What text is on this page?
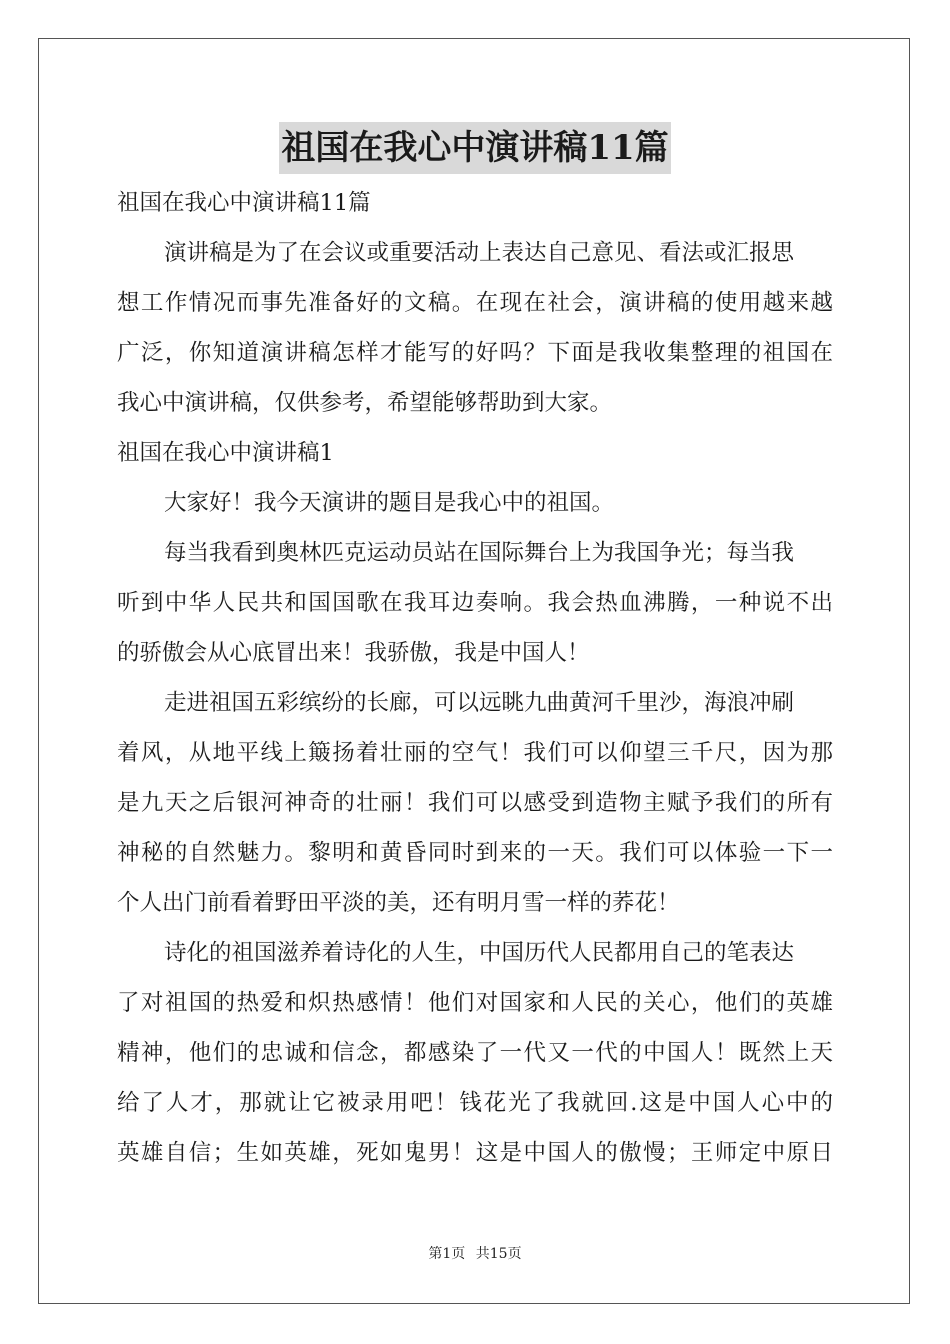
祖国在我心中演讲稿11篇
祖国在我心中演讲稿11篇
演讲稿是为了在会议或重要活动上表达自己意见、看法或汇报思
想工作情况而事先准备好的文稿。在现在社会，演讲稿的使用越来越
广泛，你知道演讲稿怎样才能写的好吗？下面是我收集整理的祖国在
我心中演讲稿，仅供参考，希望能够帮助到大家。
祖国在我心中演讲稿1
大家好！我今天演讲的题目是我心中的祖国。
每当我看到奥林匹克运动员站在国际舞台上为我国争光；每当我
听到中华人民共和国国歌在我耳边奏响。我会热血沸腾，一种说不出
的骄傲会从心底冒出来！我骄傲，我是中国人！
走进祖国五彩缤纷的长廊，可以远眺九曲黄河千里沙，海浪冲刷
着风，从地平线上簸扬着壮丽的空气！我们可以仰望三千尺，因为那
是九天之后银河神奇的壮丽！我们可以感受到造物主赋予我们的所有
神秘的自然魅力。黎明和黄昏同时到来的一天。我们可以体验一下一
个人出门前看着野田平淡的美，还有明月雪一样的荞花！
诗化的祖国滋养着诗化的人生，中国历代人民都用自己的笔表达
了对祖国的热爱和炽热感情！他们对国家和人民的关心，他们的英雄
精神，他们的忠诚和信念，都感染了一代又一代的中国人！既然上天
给了人才，那就让它被录用吧！钱花光了我就回.这是中国人心中的
英雄自信；生如英雄，死如鬼男！这是中国人的傲慢；王师定中原日
第1页 共15页
